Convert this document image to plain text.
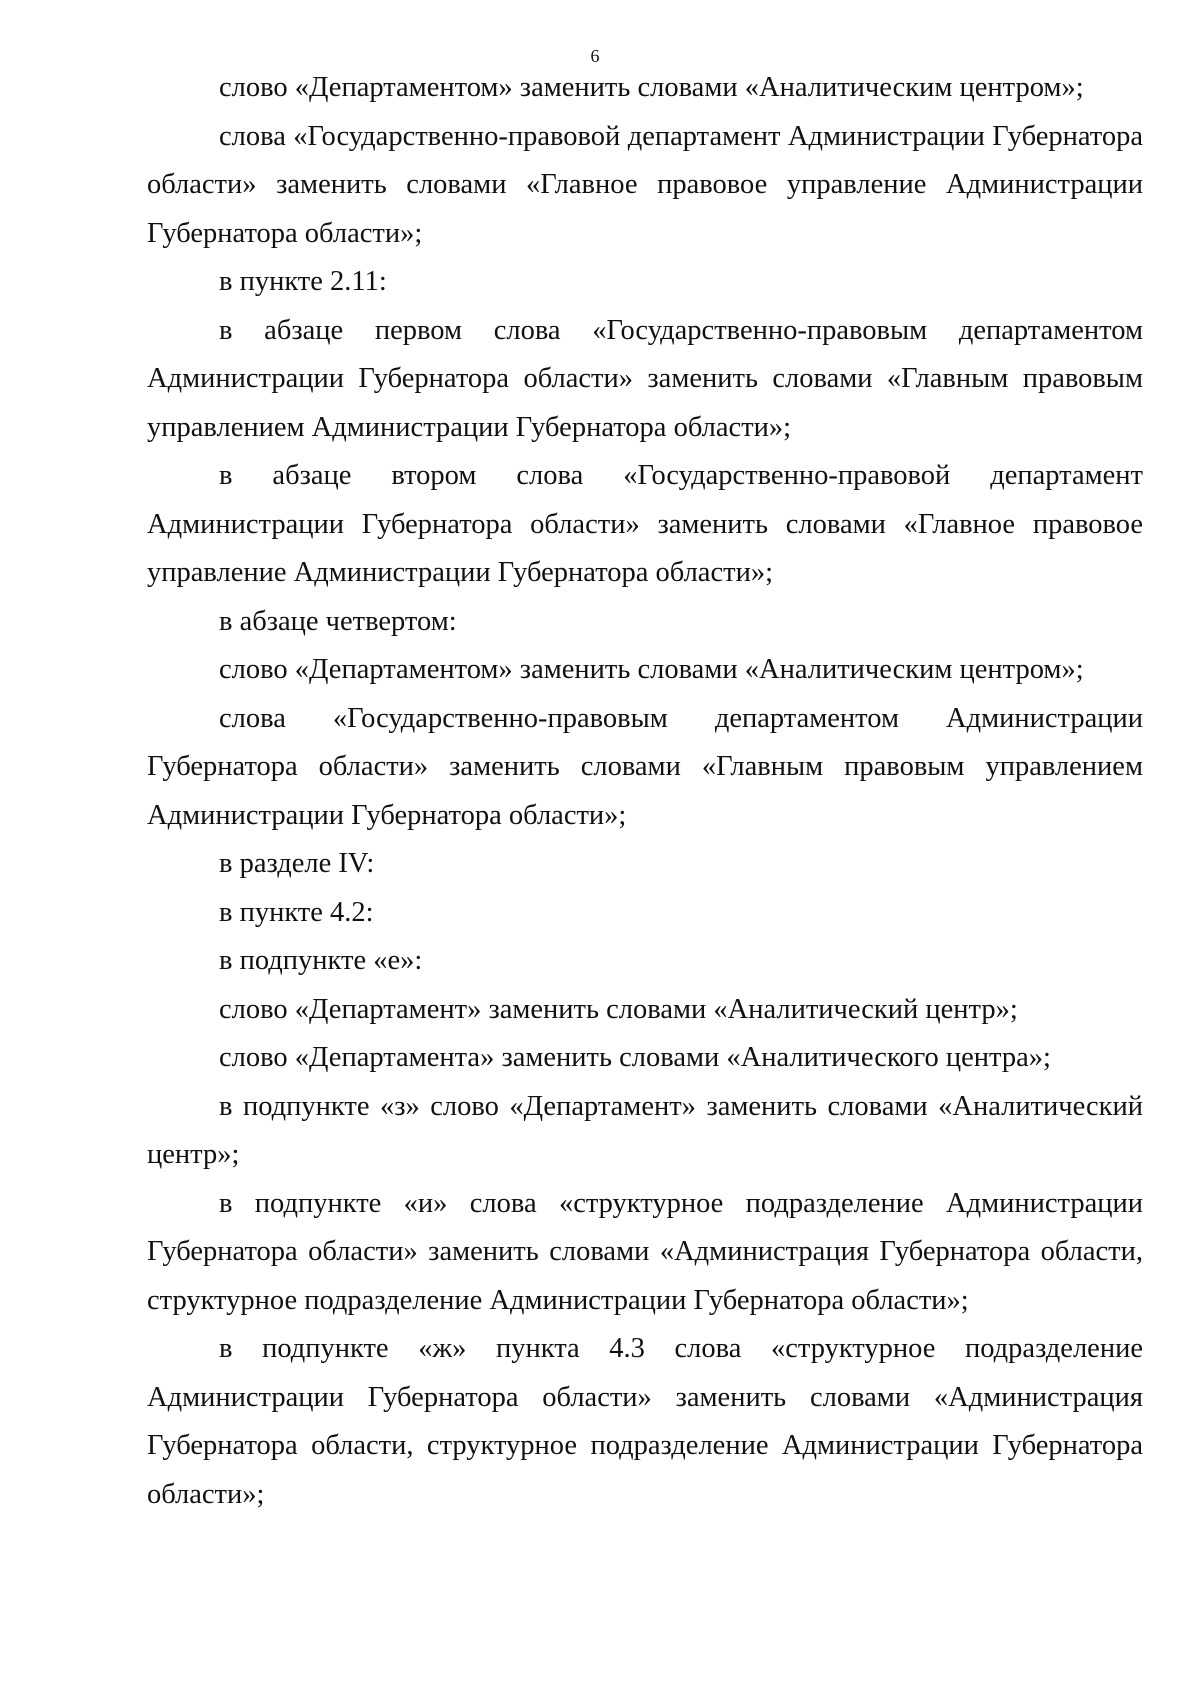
6

слово «Департаментом» заменить словами «Аналитическим центром»;

слова «Государственно-правовой департамент Администрации Губернатора области» заменить словами «Главное правовое управление Администрации Губернатора области»;

в пункте 2.11:

в абзаце первом слова «Государственно-правовым департаментом Администрации Губернатора области» заменить словами «Главным правовым управлением Администрации Губернатора области»;

в абзаце втором слова «Государственно-правовой департамент Администрации Губернатора области» заменить словами «Главное правовое управление Администрации Губернатора области»;

в абзаце четвертом:

слово «Департаментом» заменить словами «Аналитическим центром»;

слова «Государственно-правовым департаментом Администрации Губернатора области» заменить словами «Главным правовым управлением Администрации Губернатора области»;

в разделе IV:

в пункте 4.2:

в подпункте «е»:

слово «Департамент» заменить словами «Аналитический центр»;

слово «Департамента» заменить словами «Аналитического центра»;

в подпункте «з» слово «Департамент» заменить словами «Аналитический центр»;

в подпункте «и» слова «структурное подразделение Администрации Губернатора области» заменить словами «Администрация Губернатора области, структурное подразделение Администрации Губернатора области»;

в подпункте «ж» пункта 4.3 слова «структурное подразделение Администрации Губернатора области» заменить словами «Администрация Губернатора области, структурное подразделение Администрации Губернатора области»;
